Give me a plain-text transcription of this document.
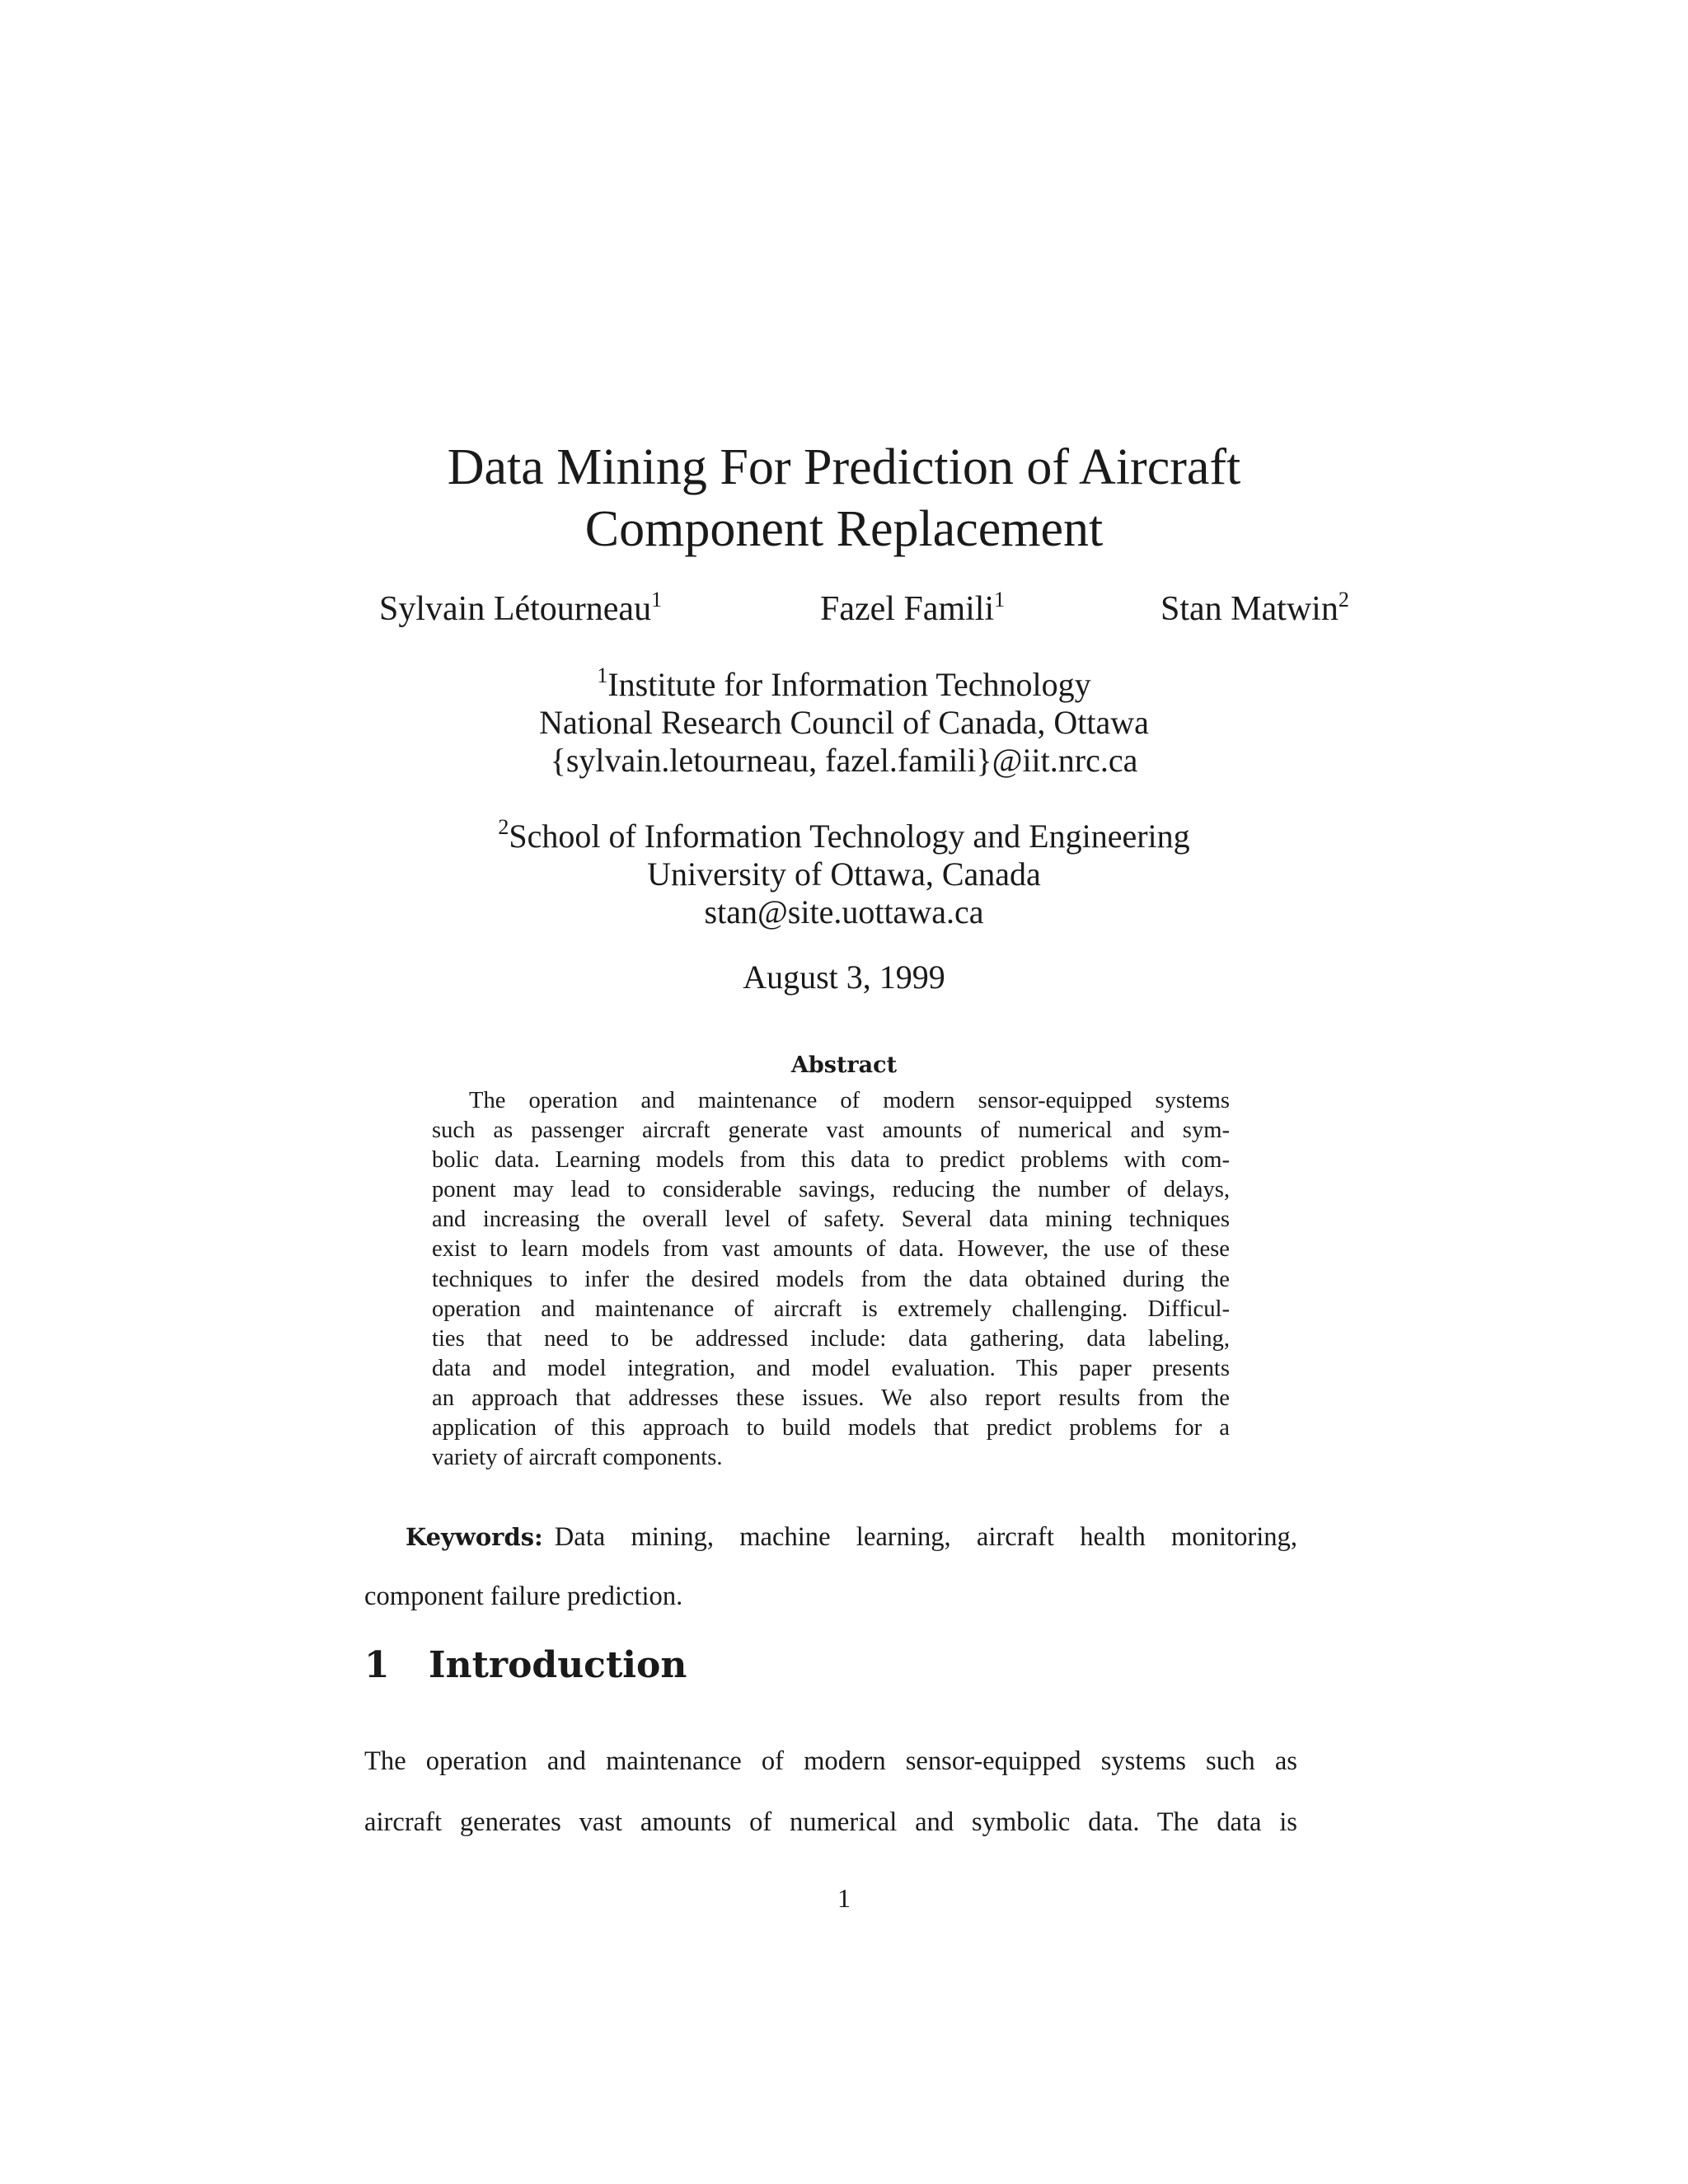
Data Mining For Prediction of Aircraft
Component Replacement
Sylvain Létourneau$^1$	Fazel Famili$^1$	Stan Matwin$^2$
$^1$Institute for Information Technology
National Research Council of Canada, Ottawa
{sylvain.letourneau, fazel.famili}@iit.nrc.ca
$^2$School of Information Technology and Engineering
University of Ottawa, Canada
stan@site.uottawa.ca
August 3, 1999
Abstract
The operation and maintenance of modern sensor-equipped systems
such as passenger aircraft generate vast amounts of numerical and sym-
bolic data. Learning models from this data to predict problems with com-
ponent may lead to considerable savings, reducing the number of delays,
and increasing the overall level of safety. Several data mining techniques
exist to learn models from vast amounts of data. However, the use of these
techniques to infer the desired models from the data obtained during the
operation and maintenance of aircraft is extremely challenging. Difficul-
ties that need to be addressed include: data gathering, data labeling,
data and model integration, and model evaluation. This paper presents
an approach that addresses these issues. We also report results from the
application of this approach to build models that predict problems for a
variety of aircraft components.
Keywords: Data mining, machine learning, aircraft health monitoring,
component failure prediction.
1 Introduction
The operation and maintenance of modern sensor-equipped systems such as
aircraft generates vast amounts of numerical and symbolic data. The data is
1
